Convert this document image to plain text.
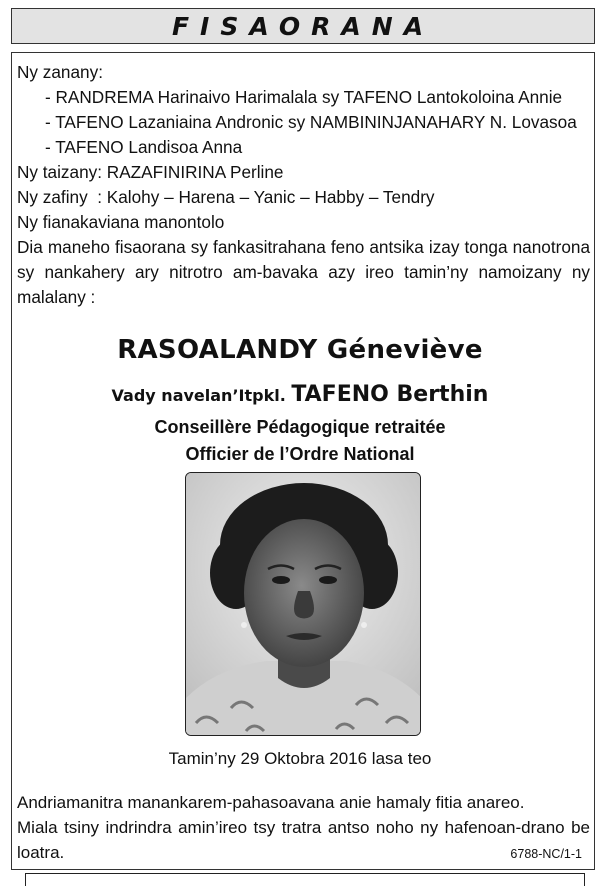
FISAORANA
Ny zanany:
- RANDREMA Harinaivo Harimalala sy TAFENO Lantokoloina Annie
- TAFENO Lazaniaina Andronic sy NAMBININJANAHARY N. Lovasoa
- TAFENO Landisoa Anna
Ny taizany: RAZAFINIRINA Perline
Ny zafiny  : Kalohy – Harena – Yanic – Habby – Tendry
Ny fianakaviana manontolo
Dia maneho fisaorana sy fankasitrahana feno antsika izay tonga nanotrona sy nankahery ary nitrotro am-bavaka azy ireo tamin’ny namoizany ny malalany :
RASOALANDY Géneviève
Vady navelan’Itpkl. TAFENO Berthin
Conseillère Pédagogique retraitée
Officier de l’Ordre National
Tamin’ny 29 Oktobra 2016 lasa teo
Andriamanitra manankarem-pahasoavana anie hamaly fitia anareo.
Miala tsiny indrindra amin’ireo tsy tratra antso noho ny hafenoan-drano be loatra.	6788-NC/1-1
